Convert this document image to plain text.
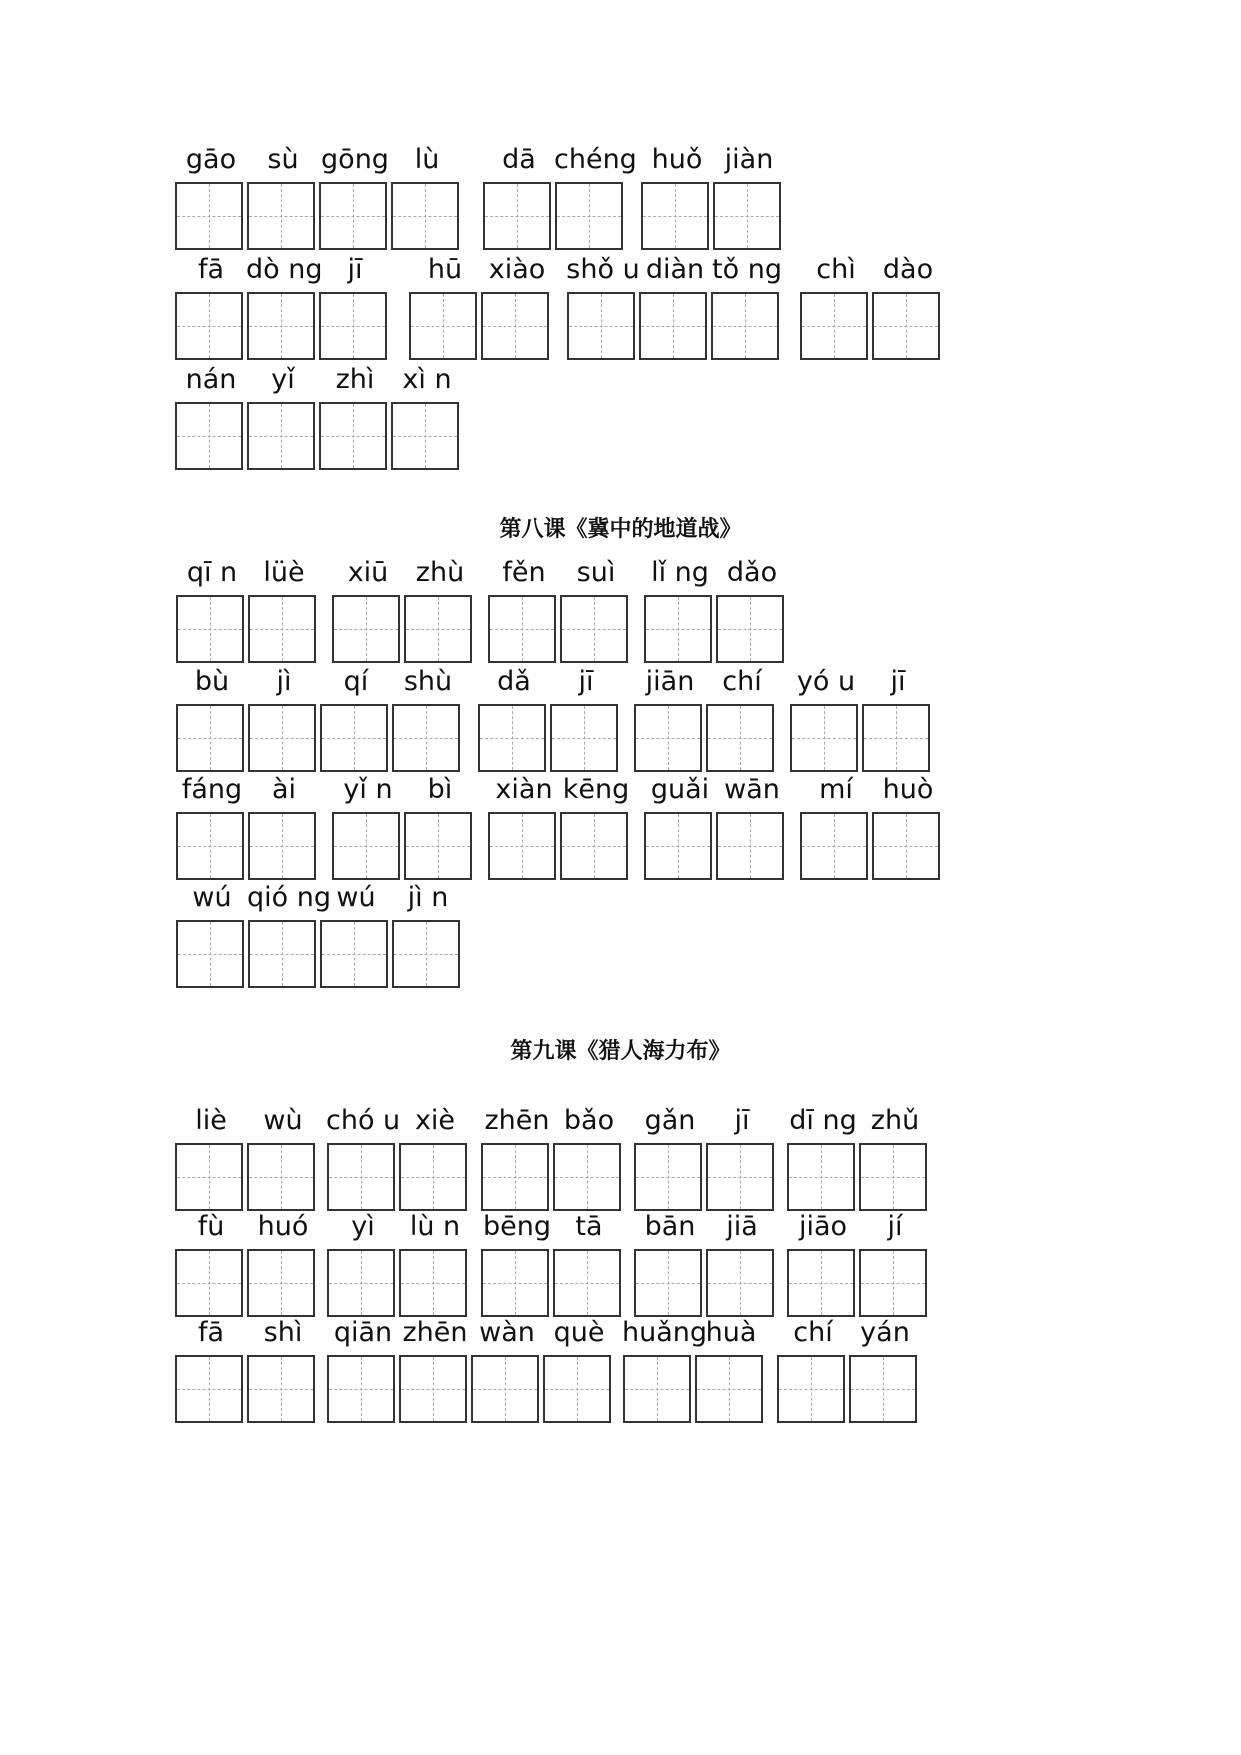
gāo	sù gōng lù	dā chéng huǒ jiàn
fā dò ng jī	hū xiào shǒ u diàn tǒ ng	chì	dào
nán	yǐ	zhì	xì n
第八课《冀中的地道战》
qī n lüè	xiū	zhù	fěn	suì	lǐ ng dǎo
bù	jì	qí	shù	dǎ	jī	jiān	chí	yó u	jī
fáng	ài	yǐ n	bì	xiàn kēng guǎi wān	mí	huò
wú qió ng wú	jì n
第九课《猎人海力布》
liè	wù chó u xiè	zhēn bǎo	gǎn	jī	dī ng zhǔ
fù	huó	yì	lù n bēng tā	bān	jiā	jiāo	jí
fā	shì	qiān zhēn wàn què huǎng
huà	chí	yán
